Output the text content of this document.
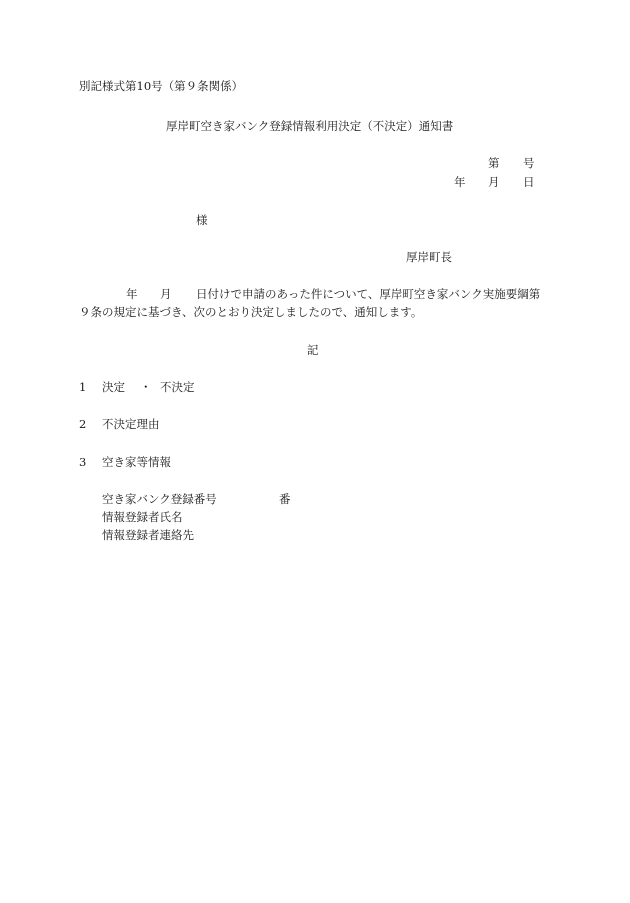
別記様式第10号（第９条関係）
厚岸町空き家バンク登録情報利用決定（不決定）通知書
第 号
年 月 日
様
厚岸町長
年 月 日付けで申請のあった件について、厚岸町空き家バンク実施要綱第
９条の規定に基づき、次のとおり決定しましたので、通知します。
記
1 決定 ・ 不決定
2 不決定理由
3 空き家等情報
空き家バンク登録番号	番
情報登録者氏名
情報登録者連絡先
